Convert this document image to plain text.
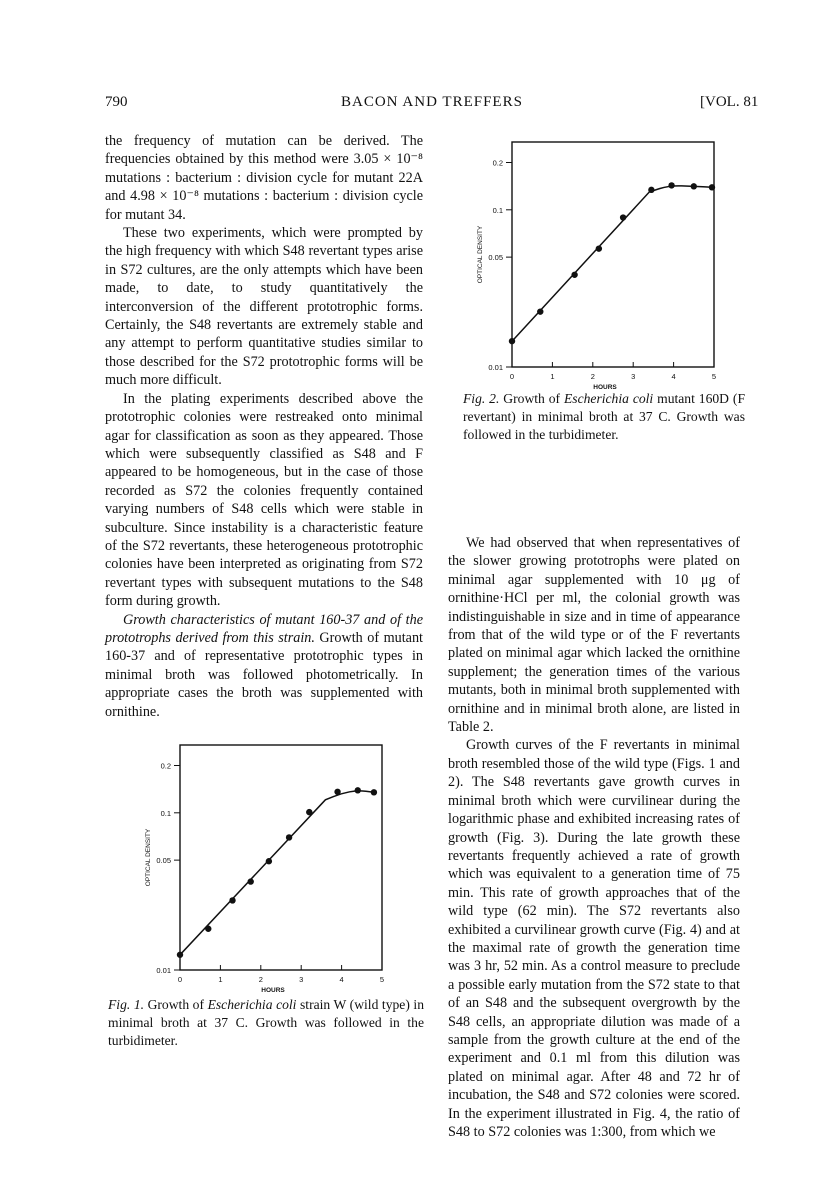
790	BACON AND TREFFERS	[VOL. 81

the frequency of mutation can be derived. The frequencies obtained by this method were 3.05 × 10⁻⁸ mutations : bacterium : division cycle for mutant 22A and 4.98 × 10⁻⁸ mutations : bacterium : division cycle for mutant 34.

These two experiments, which were prompted by the high frequency with which S48 revertant types arise in S72 cultures, are the only attempts which have been made, to date, to study quantitatively the interconversion of the different prototrophic forms. Certainly, the S48 revertants are extremely stable and any attempt to perform quantitative studies similar to those described for the S72 prototrophic forms will be much more difficult.

In the plating experiments described above the prototrophic colonies were restreaked onto minimal agar for classification as soon as they appeared. Those which were subsequently classified as S48 and F appeared to be homogeneous, but in the case of those recorded as S72 the colonies frequently contained varying numbers of S48 cells which were stable in subculture. Since instability is a characteristic feature of the S72 revertants, these heterogeneous prototrophic colonies have been interpreted as originating from S72 revertant types with subsequent mutations to the S48 form during growth.

Growth characteristics of mutant 160-37 and of the prototrophs derived from this strain. Growth of mutant 160-37 and of representative prototrophic types in minimal broth was followed photometrically. In appropriate cases the broth was supplemented with ornithine.

0	1	2	3	4	5
0.01
0.05
0.1
0.2
HOURS
OPTICAL DENSITY
Fig. 2. Growth of Escherichia coli mutant 160D (F revertant) in minimal broth at 37 C. Growth was followed in the turbidimeter.

We had observed that when representatives of the slower growing prototrophs were plated on minimal agar supplemented with 10 μg of ornithine·HCl per ml, the colonial growth was indistinguishable in size and in time of appearance from that of the wild type or of the F revertants plated on minimal agar which lacked the ornithine supplement; the generation times of the various mutants, both in minimal broth supplemented with ornithine and in minimal broth alone, are listed in Table 2.

Growth curves of the F revertants in minimal broth resembled those of the wild type (Figs. 1 and 2). The S48 revertants gave growth curves in minimal broth which were curvilinear during the logarithmic phase and exhibited increasing rates of growth (Fig. 3). During the late growth these revertants frequently achieved a rate of growth which was equivalent to a generation time of 75 min. This rate of growth approaches that of the wild type (62 min). The S72 revertants also exhibited a curvilinear growth curve (Fig. 4) and at the maximal rate of growth the generation time was 3 hr, 52 min. As a control measure to preclude a possible early mutation from the S72 state to that of an S48 and the subsequent overgrowth by the S48 cells, an appropriate dilution was made of a sample from the growth culture at the end of the experiment and 0.1 ml from this dilution was plated on minimal agar. After 48 and 72 hr of incubation, the S48 and S72 colonies were scored. In the experiment illustrated in Fig. 4, the ratio of S48 to S72 colonies was 1:300, from which we

0	1	2	3	4	5
0.01
0.05
0.1
0.2
HOURS
OPTICAL DENSITY
Fig. 1. Growth of Escherichia coli strain W (wild type) in minimal broth at 37 C. Growth was followed in the turbidimeter.
